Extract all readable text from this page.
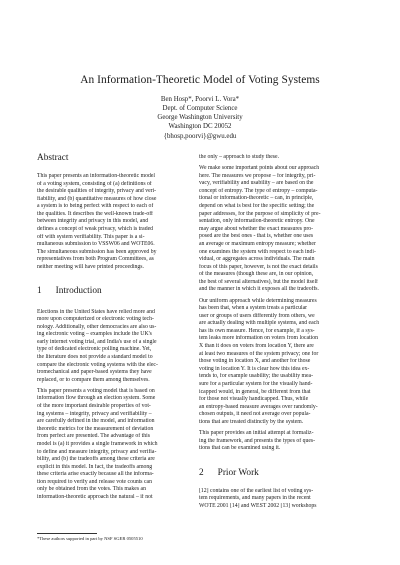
An Information-Theoretic Model of Voting Systems
Ben Hosp*, Poorvi L. Vora*
Dept. of Computer Science
George Washington University
Washington DC 20052
{bhosp,poorvi}@gwu.edu
Abstract
This paper presents an information-theoretic model
of a voting system, consisting of (a) definitions of
the desirable qualities of integrity, privacy and veri-
fiability, and (b) quantitative measures of how close
a system is to being perfect with respect to each of
the qualities. It describes the well-known trade-off
between integrity and privacy in this model, and
defines a concept of weak privacy, which is traded
off with system verifiability. This paper is a si-
multaneous submission to VSSW06 and WOTE06.
The simultaneous submission has been approved by
representatives from both Program Committees, as
neither meeting will have printed proceedings.
1 Introduction
Elections in the United States have relied more and
more upon computerized or electronic voting tech-
nology. Additionally, other democracies are also us-
ing electronic voting – examples include the UK's
early internet voting trial, and India's use of a single
type of dedicated electronic polling machine. Yet,
the literature does not provide a standard model to
compare the electronic voting systems with the elec-
tromechanical and paper-based systems they have
replaced, or to compare them among themselves.
This paper presents a voting model that is based on
information flow through an election system. Some
of the more important desirable properties of vot-
ing systems – integrity, privacy and verifiability –
are carefully defined in the model, and information
theoretic metrics for the measurement of deviation
from perfect are presented. The advantage of this
model is (a) it provides a single framework in which
to define and measure integrity, privacy and verifia-
bility, and (b) the tradeoffs among these criteria are
explicit in this model. In fact, the tradeoffs among
these criteria arise exactly because all the informa-
tion required to verify and release vote counts can
only be obtained from the votes. This makes an
information-theoretic approach the natural – if not
the only – approach to study these.
We make some important points about our approach
here. The measures we propose – for integrity, pri-
vacy, verifiability and usability – are based on the
concept of entropy. The type of entropy – computa-
tional or information-theoretic – can, in principle,
depend on what is best for the specific setting; the
paper addresses, for the purpose of simplicity of pre-
sentation, only information-theoretic entropy. One
may argue about whether the exact measures pro-
posed are the best ones - that is, whether one uses
an average or maximum entropy measure; whether
one examines the system with respect to each indi-
vidual, or aggregates across individuals. The main
focus of this paper, however, is not the exact details
of the measures (though these are, in our opinion,
the best of several alternatives), but the model itself
and the manner in which it exposes all the tradeoffs.
Our uniform approach while determining measures
has been that, when a system treats a particular
user or groups of users differently from others, we
are actually dealing with multiple systems, and each
has its own measure. Hence, for example, if a sys-
tem leaks more information on voters from location
X than it does on voters from location Y, there are
at least two measures of the system privacy; one for
those voting in location X, and another for those
voting in location Y. It is clear how this idea ex-
tends to, for example usability; the usability mea-
sure for a particular system for the visually hand-
icapped would, in general, be different from that
for those not visually handicapped. Thus, while
an entropy-based measure averages over randomly-
chosen outputs, it need not average over popula-
tions that are treated distinctly by the system.
This paper provides an initial attempt at formaliz-
ing the framework, and presents the types of ques-
tions that can be examined using it.
2 Prior Work
[12] contains one of the earliest list of voting sys-
tem requirements, and many papers in the recent
WOTE 2001 [14] and WEST 2002 [13] workshops
*These authors supported in part by NSF SGER 0505510
